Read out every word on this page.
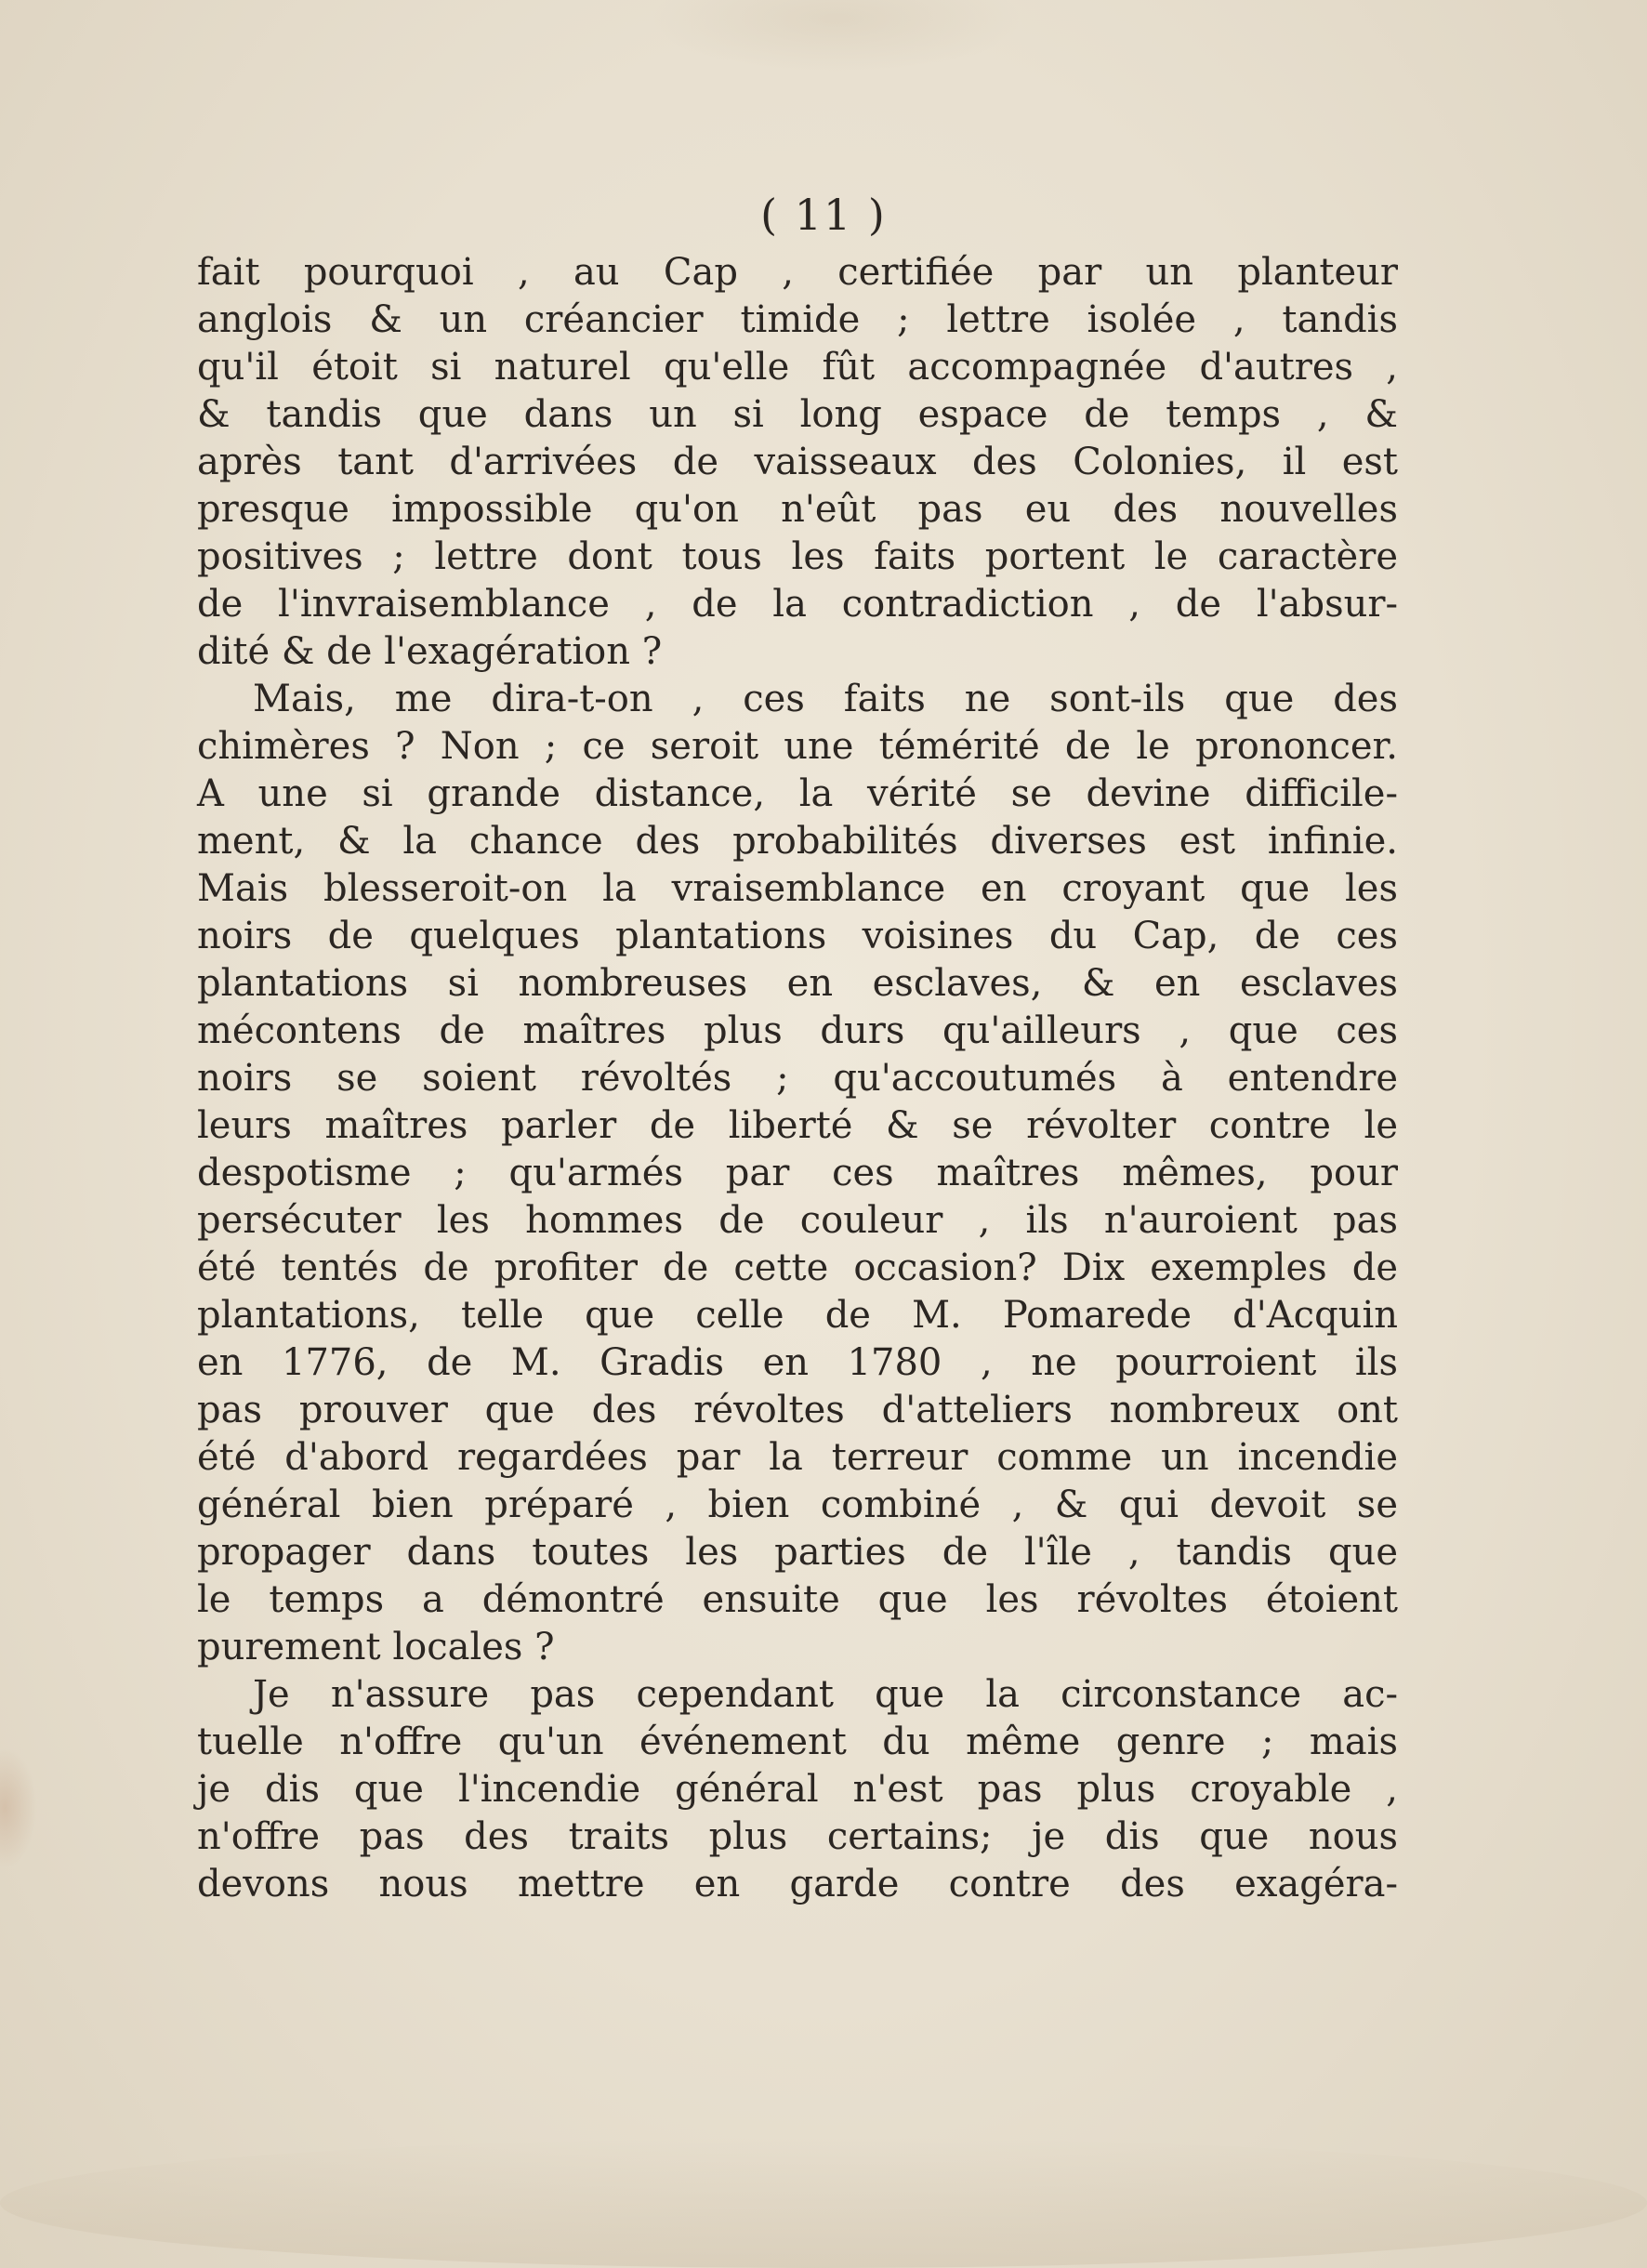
( 11 )
fait pourquoi , au Cap , certifiée par un planteur
anglois & un créancier timide ; lettre isolée , tandis
qu'il étoit si naturel qu'elle fût accompagnée d'autres ,
& tandis que dans un si long espace de temps , &
après tant d'arrivées de vaisseaux des Colonies, il est
presque impossible qu'on n'eût pas eu des nouvelles
positives ; lettre dont tous les faits portent le caractère
de l'invraisemblance , de la contradiction , de l'absur-
dité & de l'exagération ?
Mais, me dira-t-on , ces faits ne sont-ils que des
chimères ? Non ; ce seroit une témérité de le prononcer.
A une si grande distance, la vérité se devine difficile-
ment, & la chance des probabilités diverses est infinie.
Mais blesseroit-on la vraisemblance en croyant que les
noirs de quelques plantations voisines du Cap, de ces
plantations si nombreuses en esclaves, & en esclaves
mécontens de maîtres plus durs qu'ailleurs , que ces
noirs se soient révoltés ; qu'accoutumés à entendre
leurs maîtres parler de liberté & se révolter contre le
despotisme ; qu'armés par ces maîtres mêmes, pour
persécuter les hommes de couleur , ils n'auroient pas
été tentés de profiter de cette occasion? Dix exemples de
plantations, telle que celle de M. Pomarede d'Acquin
en 1776, de M. Gradis en 1780 , ne pourroient ils
pas prouver que des révoltes d'atteliers nombreux ont
été d'abord regardées par la terreur comme un incendie
général bien préparé , bien combiné , & qui devoit se
propager dans toutes les parties de l'île , tandis que
le temps a démontré ensuite que les révoltes étoient
purement locales ?
Je n'assure pas cependant que la circonstance ac-
tuelle n'offre qu'un événement du même genre ; mais
je dis que l'incendie général n'est pas plus croyable ,
n'offre pas des traits plus certains; je dis que nous
devons nous mettre en garde contre des exagéra-
